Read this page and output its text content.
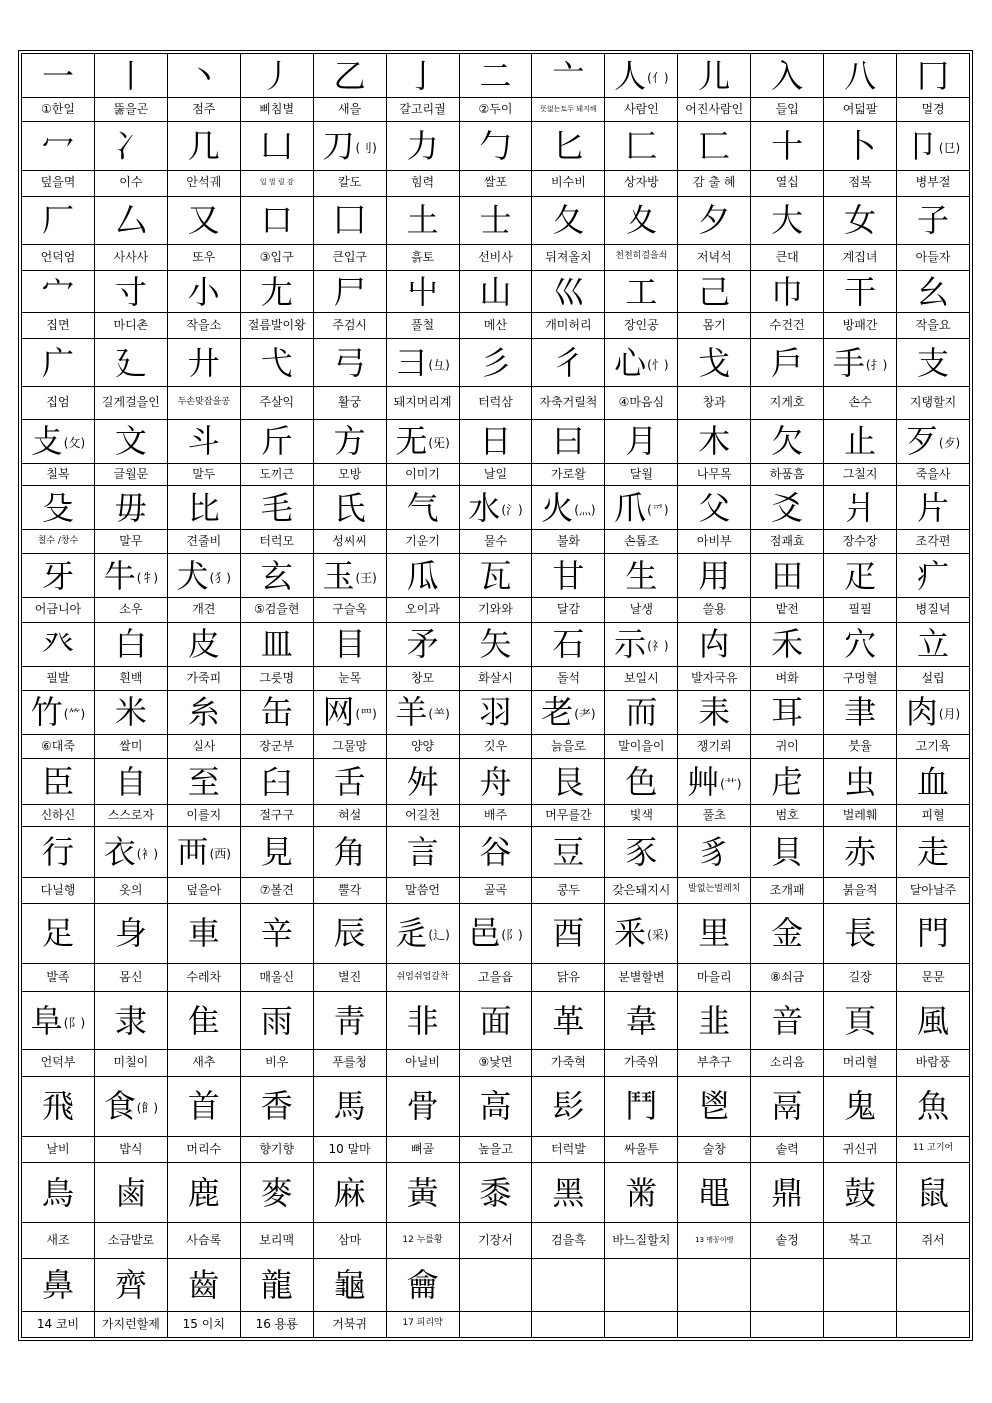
一	丨	丶	丿	乙	亅	二	亠	人(亻)	儿	入	八	冂
①한일	뚫을곤	점주	삐침별	새을	갈고리궐	②두이	뜻없는토두 돼지해	사람인	어진사람인	들입	여덟팔	멀경
冖	冫	几	凵	刀(刂)	力	勹	匕	匚	匸	十	卜	卩(㔾)
덮을멱	이수	안석궤	입 벌 릴 감	칼도	힘력	쌀포	비수비	상자방	감 출 혜	열십	점복	병부절
厂	厶	又	口	囗	土	士	夂	夊	夕	大	女	子
언덕엄	사사사	또우	③입구	큰입구	흙토	선비사	뒤져올치	천천히걸을쇠	저녁석	큰대	계집녀	아들자
宀	寸	小	尢	尸	屮	山	巛	工	己	巾	干	幺
집면	마디촌	작을소	절름발이왕	주검시	풀철	메산	개미허리	장인공	몸기	수건건	방패간	작을요
广	廴	廾	弋	弓	彐(彑)	彡	彳	心(忄)	戈	戶	手(扌)	支
집엄	길게걸을인	두손맞잡을공	주살익	활궁	돼지머리계	터럭삼	자축거릴척	④마음심	창과	지게호	손수	지탱할지
攴(攵)	文	斗	斤	方	无(旡)	日	曰	月	木	欠	止	歹(歺)
칠복	글월문	말두	도끼근	모방	이미기	날일	가로왈	달월	나무목	하품흠	그칠지	죽을사
殳	毋	比	毛	氏	气	水(氵)	火(灬)	爪(爫)	父	爻	爿	片
칠수 /창수	말무	견줄비	터럭모	성씨씨	기운기	물수	불화	손톱조	아비부	점괘효	장수장	조각편
牙	牛(牜)	犬(犭)	玄	玉(王)	瓜	瓦	甘	生	用	田	疋	疒
어금니아	소우	개견	⑤검을현	구슬옥	오이과	기와와	달감	날생	쓸용	밭전	필필	병질녁
癶	白	皮	皿	目	矛	矢	石	示(礻)	禸	禾	穴	立
필발	흰백	가죽피	그릇명	눈목	창모	화살시	돌석	보일시	발자국유	벼화	구멍혈	설립
竹(⺮)	米	糸	缶	网(罒)	羊(⺷)	羽	老(耂)	而	耒	耳	聿	肉(月)
⑥대죽	쌀미	실사	장군부	그물망	양양	깃우	늙을로	말이을이	쟁기뢰	귀이	붓율	고기육
臣	自	至	臼	舌	舛	舟	艮	色	艸(艹)	虍	虫	血
신하신	스스로자	이를지	절구구	혀설	어길천	배주	머무를간	빛색	풀초	범호	벌레훼	피혈
行	衣(衤)	襾(西)	見	角	言	谷	豆	豕	豸	貝	赤	走
다닐행	옷의	덮을아	⑦볼견	뿔각	말씀언	골곡	콩두	갖은돼지시	발없는벌레치	조개패	붉을적	달아날주
足	身	車	辛	辰	辵(辶)	邑(阝)	酉	釆(采)	里	金	長	門
발족	몸신	수레차	매울신	별진	쉬엄쉬엄갈착	고을읍	닭유	분별할변	마을리	⑧쇠금	길장	문문
阜(阝)	隶	隹	雨	靑	非	面	革	韋	韭	音	頁	風
언덕부	미칠이	새추	비우	푸를청	아닐비	⑨낯면	가죽혁	가죽위	부추구	소리음	머리혈	바람풍
飛	食(飠)	首	香	馬	骨	高	髟	鬥	鬯	鬲	鬼	魚
날비	밥식	머리수	향기향	10 말마	뼈골	높을고	터럭발	싸울투	술창	솥력	귀신귀	11 고기어
鳥	鹵	鹿	麥	麻	黃	黍	黑	黹	黽	鼎	鼓	鼠
새조	소금밭로	사슴록	보리맥	삼마	12 누를황	기장서	검을흑	바느질할치	13 맹꽁이맹	솥정	북고	쥐서
鼻	齊	齒	龍	龜	龠							
14 코비	가지런할제	15 이치	16 용룡	거북귀	17 피리약							
